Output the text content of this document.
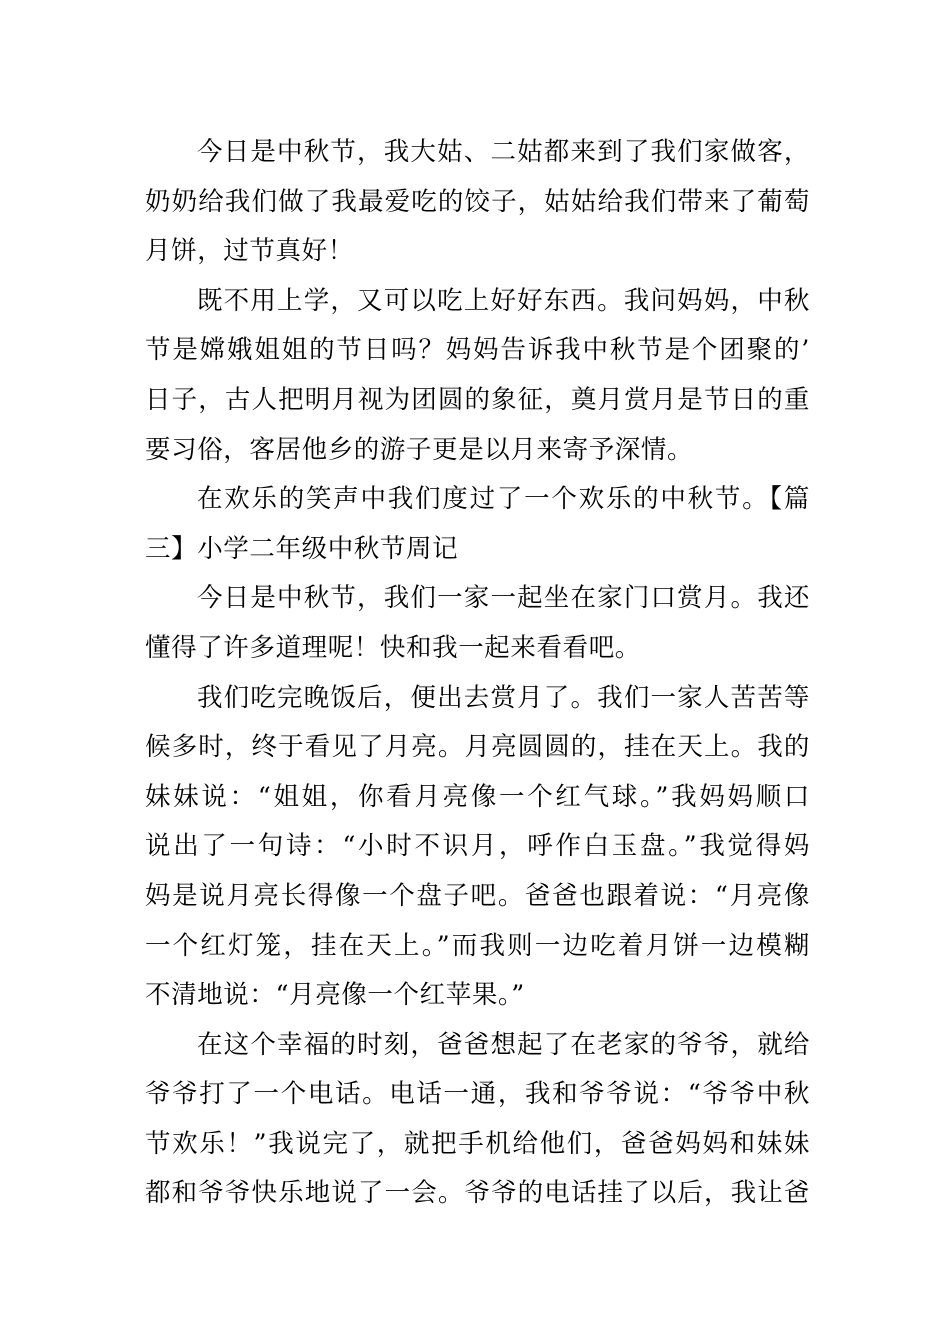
今日是中秋节，我大姑、二姑都来到了我们家做客，
奶奶给我们做了我最爱吃的饺子，姑姑给我们带来了葡萄
月饼，过节真好！
既不用上学，又可以吃上好好东西。我问妈妈，中秋
节是嫦娥姐姐的节日吗？妈妈告诉我中秋节是个团聚的’
日子，古人把明月视为团圆的象征，奠月赏月是节日的重
要习俗，客居他乡的游子更是以月来寄予深情。
在欢乐的笑声中我们度过了一个欢乐的中秋节。【篇
三】小学二年级中秋节周记
今日是中秋节，我们一家一起坐在家门口赏月。我还
懂得了许多道理呢！快和我一起来看看吧。
我们吃完晚饭后，便出去赏月了。我们一家人苦苦等
候多时，终于看见了月亮。月亮圆圆的，挂在天上。我的
妹妹说：“姐姐，你看月亮像一个红气球。”我妈妈顺口
说出了一句诗：“小时不识月，呼作白玉盘。”我觉得妈
妈是说月亮长得像一个盘子吧。爸爸也跟着说：“月亮像
一个红灯笼，挂在天上。”而我则一边吃着月饼一边模糊
不清地说：“月亮像一个红苹果。”
在这个幸福的时刻，爸爸想起了在老家的爷爷，就给
爷爷打了一个电话。电话一通，我和爷爷说：“爷爷中秋
节欢乐！”我说完了，就把手机给他们，爸爸妈妈和妹妹
都和爷爷快乐地说了一会。爷爷的电话挂了以后，我让爸
